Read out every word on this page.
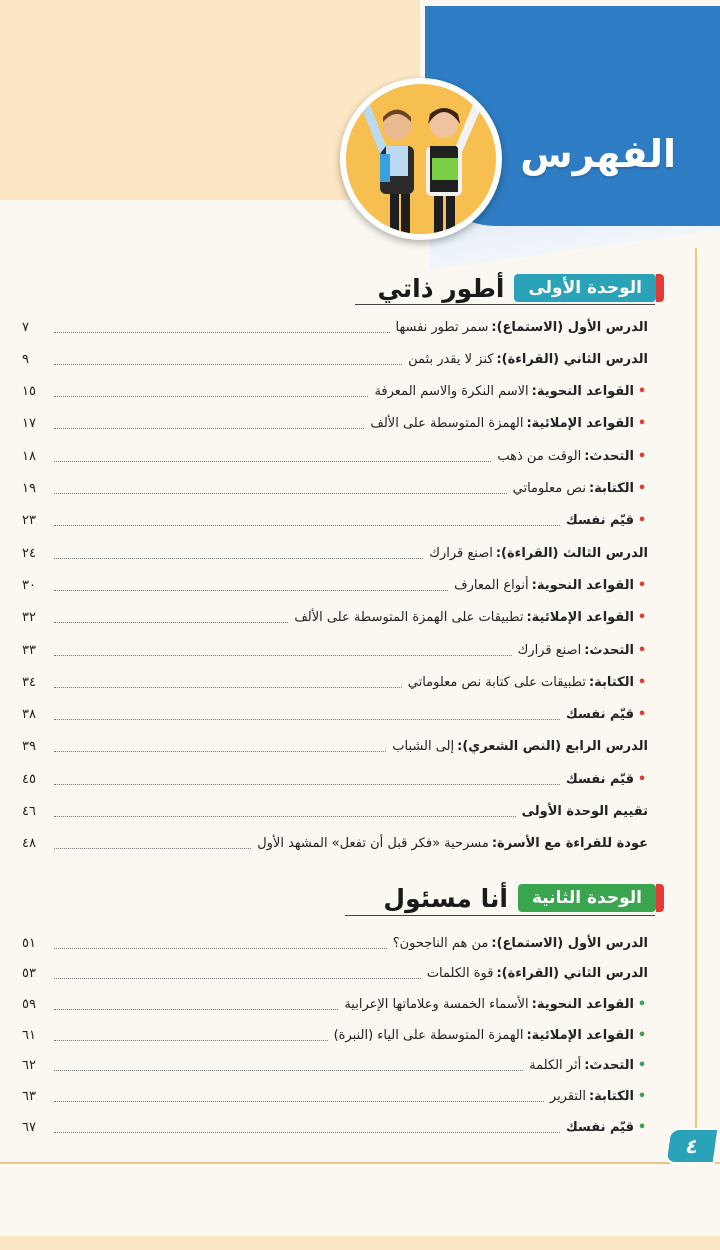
الفهرس
الوحدة الأولى
أطور ذاتي
الدرس الأول (الاستماع):
سمر تطور نفسها
٧
الدرس الثاني (القراءة):
كنز لا يقدر بثمن
٩
•
القواعد النحوية:
الاسم النكرة والاسم المعرفة
١٥
•
القواعد الإملائية:
الهمزة المتوسطة على الألف
١٧
•
التحدث:
الوقت من ذهب
١٨
•
الكتابة:
نص معلوماتي
١٩
•
قيّم نفسك
٢٣
الدرس الثالث (القراءة):
اصنع قرارك
٢٤
•
القواعد النحوية:
أنواع المعارف
٣٠
•
القواعد الإملائية:
تطبيقات على الهمزة المتوسطة على الألف
٣٢
•
التحدث:
اصنع قرارك
٣٣
•
الكتابة:
تطبيقات على كتابة نص معلوماتي
٣٤
•
قيّم نفسك
٣٨
الدرس الرابع (النص الشعري):
إلى الشباب
٣٩
•
قيّم نفسك
٤٥
تقييم الوحدة الأولى
٤٦
عودة للقراءة مع الأسرة:
مسرحية «فكر قبل أن تفعل» المشهد الأول
٤٨
الوحدة الثانية
أنا مسئول
الدرس الأول (الاستماع):
من هم الناجحون؟
٥١
الدرس الثاني (القراءة):
قوة الكلمات
٥٣
•
القواعد النحوية:
الأسماء الخمسة وعلاماتها الإعرابية
٥٩
•
القواعد الإملائية:
الهمزة المتوسطة على الياء (النبرة)
٦١
•
التحدث:
أثر الكلمة
٦٢
•
الكتابة:
التقرير
٦٣
•
قيّم نفسك
٦٧
٤
